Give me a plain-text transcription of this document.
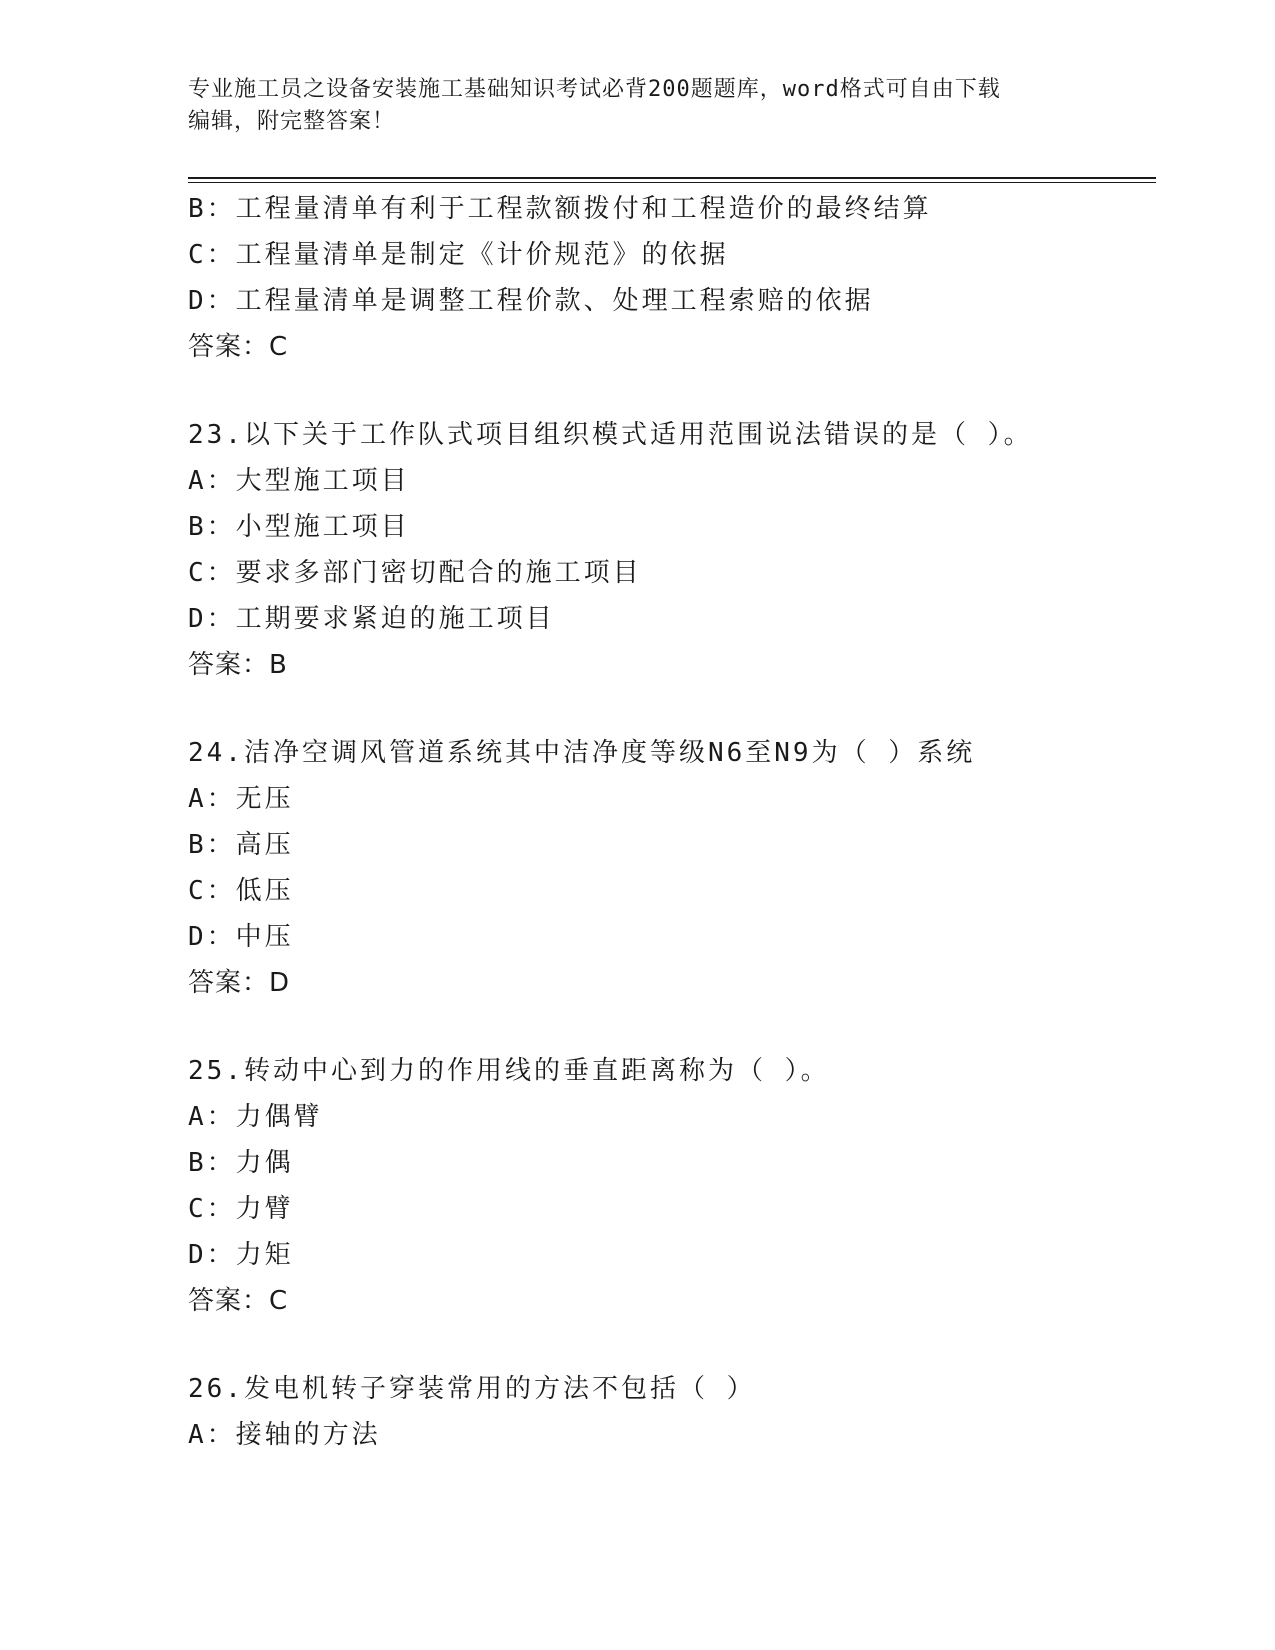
专业施工员之设备安装施工基础知识考试必背200题题库，word格式可自由下载
编辑，附完整答案！
B：工程量清单有利于工程款额拨付和工程造价的最终结算
C：工程量清单是制定《计价规范》的依据
D：工程量清单是调整工程价款、处理工程索赔的依据
答案：C
23.以下关于工作队式项目组织模式适用范围说法错误的是（ ）。
A：大型施工项目
B：小型施工项目
C：要求多部门密切配合的施工项目
D：工期要求紧迫的施工项目
答案：B
24.洁净空调风管道系统其中洁净度等级N6至N9为（ ）系统
A：无压
B：高压
C：低压
D：中压
答案：D
25.转动中心到力的作用线的垂直距离称为（ ）。
A：力偶臂
B：力偶
C：力臂
D：力矩
答案：C
26.发电机转子穿装常用的方法不包括（ ）
A：接轴的方法
